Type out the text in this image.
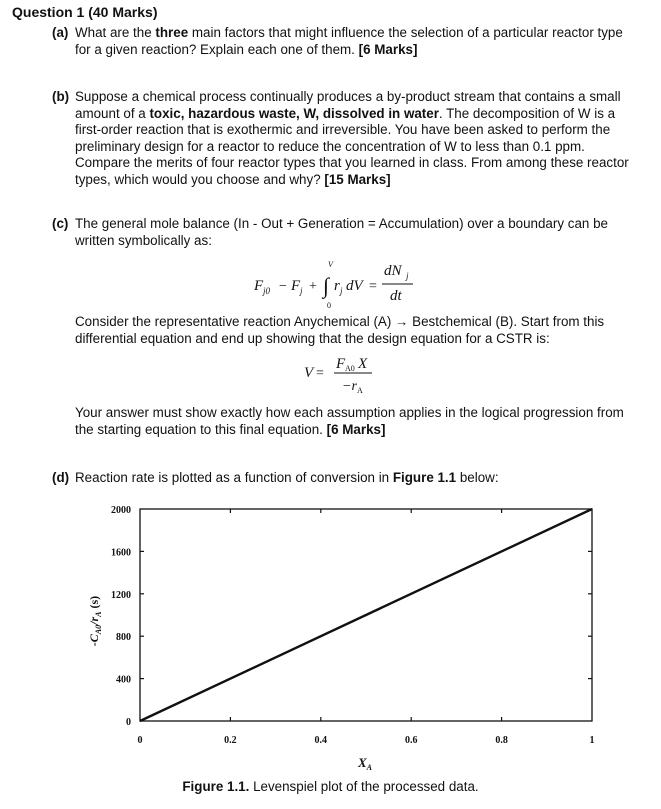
Question 1 (40 Marks)
(a) What are the three main factors that might influence the selection of a particular reactor type for a given reaction? Explain each one of them. [6 Marks]
(b) Suppose a chemical process continually produces a by-product stream that contains a small amount of a toxic, hazardous waste, W, dissolved in water. The decomposition of W is a first-order reaction that is exothermic and irreversible. You have been asked to perform the preliminary design for a reactor to reduce the concentration of W to less than 0.1 ppm. Compare the merits of four reactor types that you learned in class. From among these reactor types, which would you choose and why? [15 Marks]
(c) The general mole balance (In - Out + Generation = Accumulation) over a boundary can be written symbolically as:
F j0 − F j + ∫
V
0
r j dV =
dN j
dt
Consider the representative reaction Anychemical (A) → Bestchemical (B). Start from this differential equation and end up showing that the design equation for a CSTR is:
V =
F A0 X
−r A
Your answer must show exactly how each assumption applies in the logical progression from the starting equation to this final equation. [6 Marks]
(d) Reaction rate is plotted as a function of conversion in Figure 1.1 below:
0	0.2	0.4	0.6	0.8	1
0
400
800
1200
1600
2000
$X_A$
$-C_{A0}/r_A$ (s)
Figure 1.1. Levenspiel plot of the processed data.
